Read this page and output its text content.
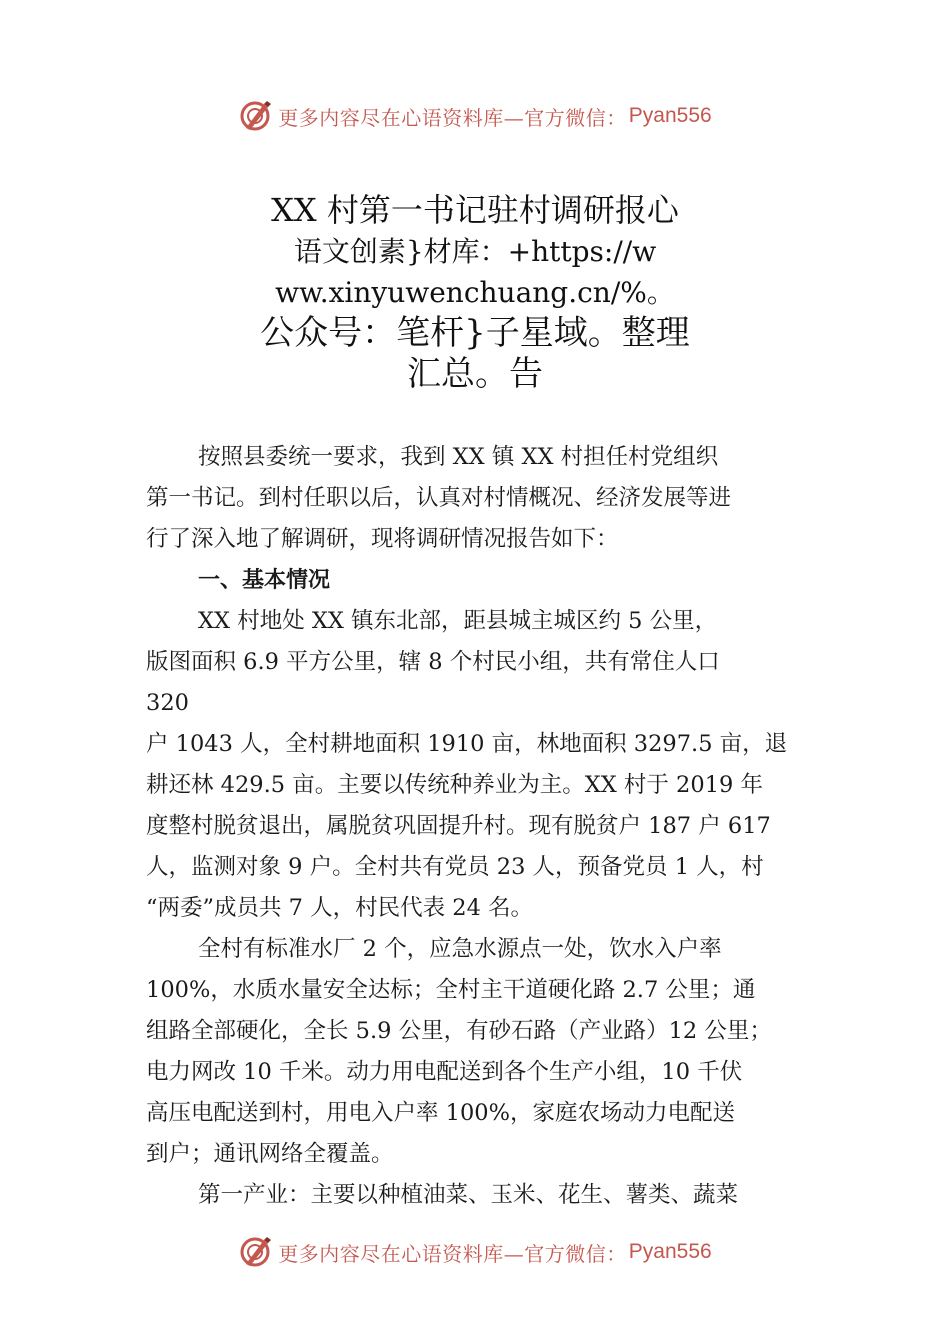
更多内容尽在心语资料库—官方微信： Pyan556
XX 村第一书记驻村调研报心
语文创素}材库：+https://w
ww.xinyuwenchuang.cn/%。
公众号：笔杆}子星域。整理
汇总。告

按照县委统一要求，我到 XX 镇 XX 村担任村党组织
第一书记。到村任职以后，认真对村情概况、经济发展等进
行了深入地了解调研，现将调研情况报告如下：

一、基本情况

XX 村地处 XX 镇东北部，距县城主城区约 5 公里，
版图面积 6.9 平方公里，辖 8 个村民小组，共有常住人口
320
户 1043 人，全村耕地面积 1910 亩，林地面积 3297.5 亩，退
耕还林 429.5 亩。主要以传统种养业为主。XX 村于 2019 年
度整村脱贫退出，属脱贫巩固提升村。现有脱贫户 187 户 617
人，监测对象 9 户。全村共有党员 23 人，预备党员 1 人，村
“两委”成员共 7 人，村民代表 24 名。

全村有标准水厂 2 个，应急水源点一处，饮水入户率
100%，水质水量安全达标；全村主干道硬化路 2.7 公里；通
组路全部硬化，全长 5.9 公里，有砂石路（产业路）12 公里；
电力网改 10 千米。动力用电配送到各个生产小组，10 千伏
高压电配送到村，用电入户率 100%，家庭农场动力电配送
到户；通讯网络全覆盖。

第一产业：主要以种植油菜、玉米、花生、薯类、蔬菜

更多内容尽在心语资料库—官方微信： Pyan556
